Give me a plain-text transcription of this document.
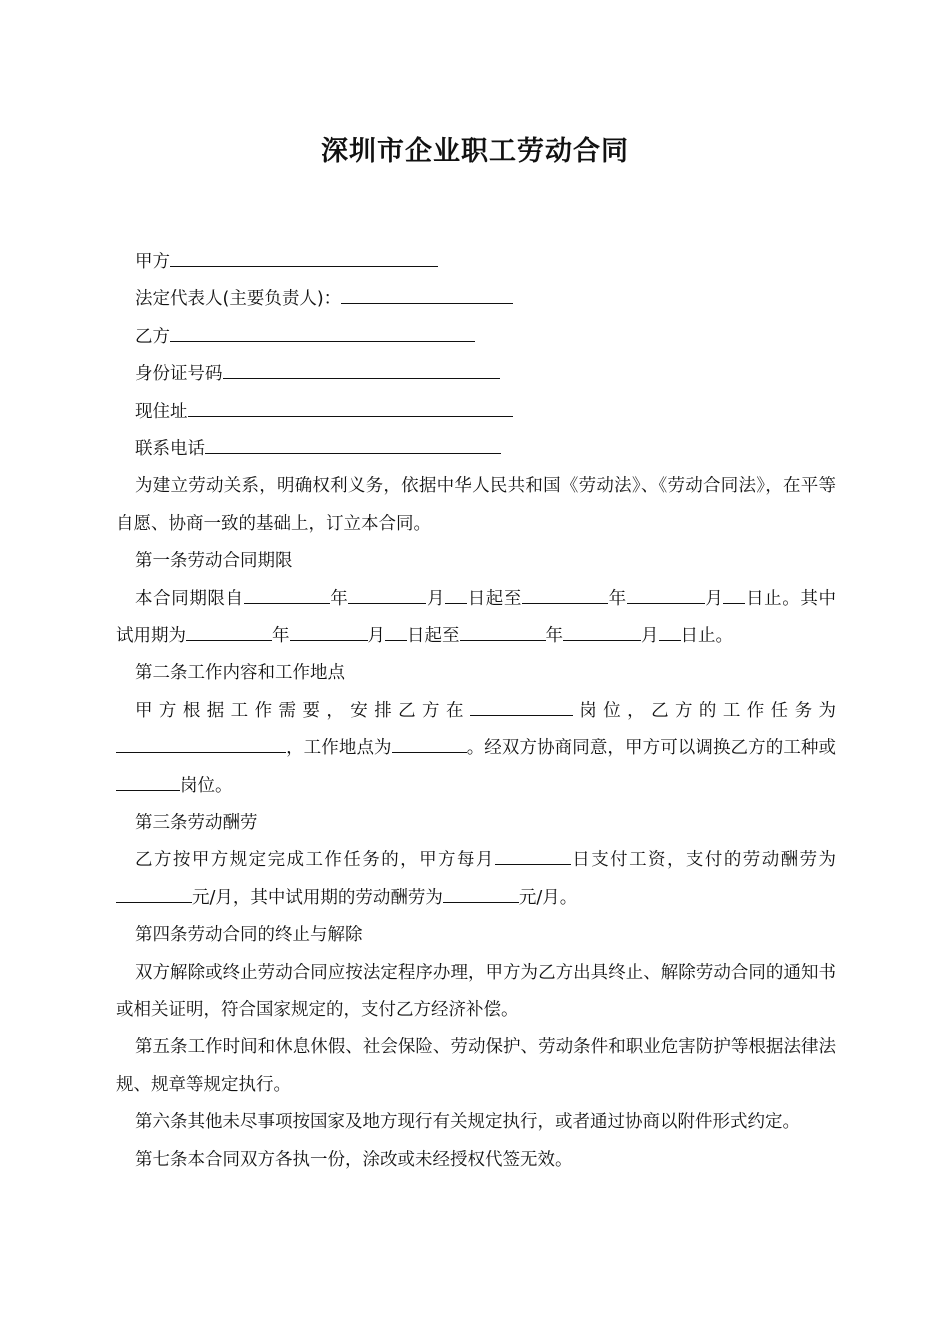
深圳市企业职工劳动合同
甲方
法定代表人(主要负责人)：
乙方
身份证号码
现住址
联系电话

为建立劳动关系，明确权利义务，依据中华人民共和国《劳动法》、《劳动合同法》，在平等自愿、协商一致的基础上，订立本合同。

第一条劳动合同期限

本合同期限自	年	月 日起至	年	月 日止。其中试用期为	年	月 日起至	年	月 日止。

第二条工作内容和工作地点

甲方根据工作需要，安排乙方在	岗位，乙方的工作任务为，工作地点为	。经双方协商同意，甲方可以调换乙方的工种或岗位。

第三条劳动酬劳

乙方按甲方规定完成工作任务的，甲方每月	日支付工资，支付的劳动酬劳为元/月，其中试用期的劳动酬劳为	元/月。

第四条劳动合同的终止与解除

双方解除或终止劳动合同应按法定程序办理，甲方为乙方出具终止、解除劳动合同的通知书或相关证明，符合国家规定的，支付乙方经济补偿。

第五条工作时间和休息休假、社会保险、劳动保护、劳动条件和职业危害防护等根据法律法规、规章等规定执行。

第六条其他未尽事项按国家及地方现行有关规定执行，或者通过协商以附件形式约定。

第七条本合同双方各执一份，涂改或未经授权代签无效。
